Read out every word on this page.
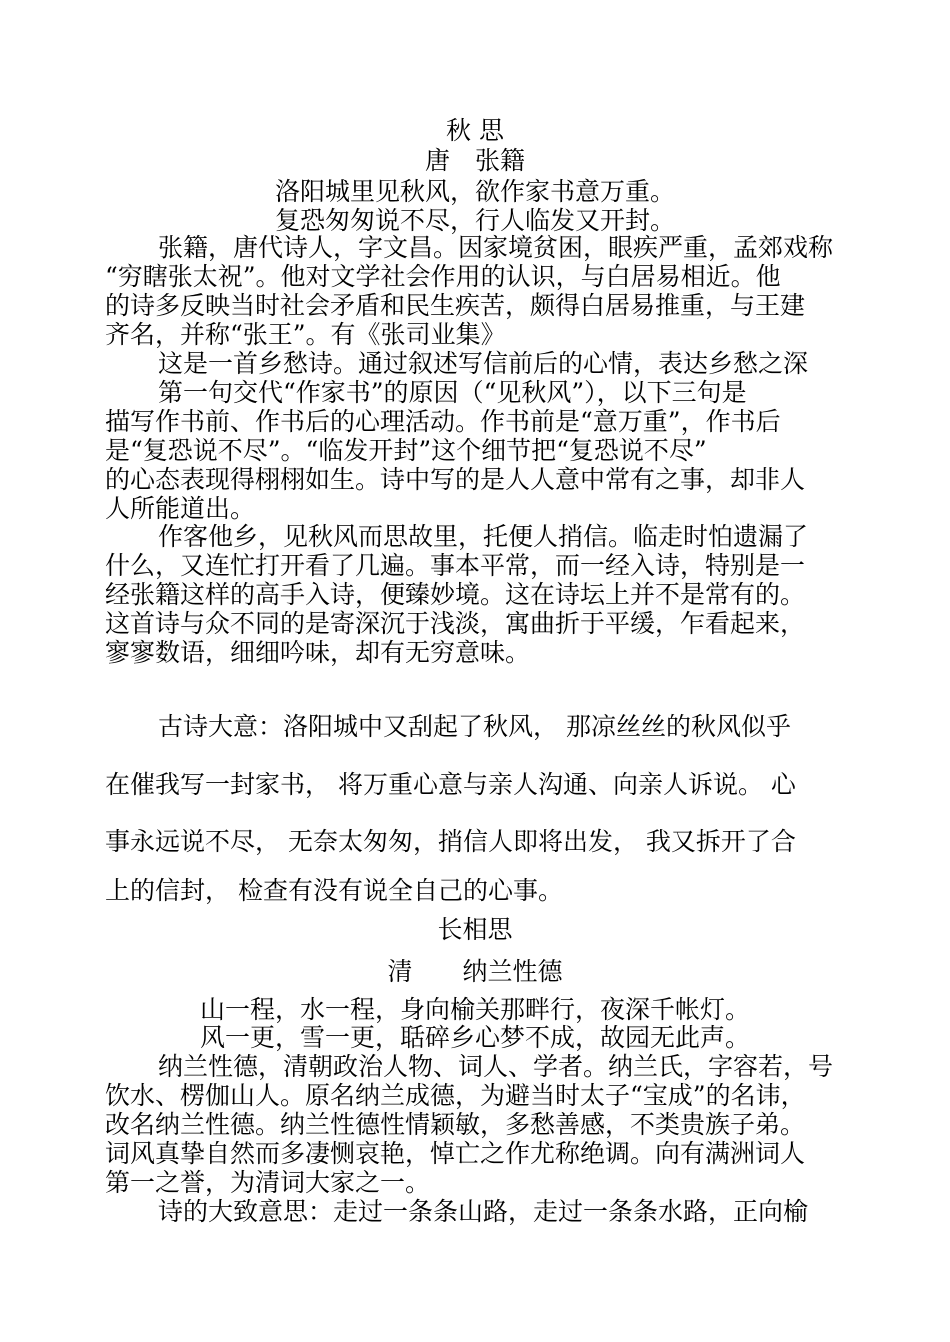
秋 思
唐　张籍
洛阳城里见秋风，欲作家书意万重。
复恐匆匆说不尽，行人临发又开封。
张籍，唐代诗人，字文昌。因家境贫困，眼疾严重，孟郊戏称
“穷瞎张太祝”。他对文学社会作用的认识，与白居易相近。他
的诗多反映当时社会矛盾和民生疾苦，颇得白居易推重，与王建
齐名，并称“张王”。有《张司业集》
这是一首乡愁诗。通过叙述写信前后的心情，表达乡愁之深
第一句交代“作家书”的原因（“见秋风”），以下三句是
描写作书前、作书后的心理活动。作书前是“意万重”，作书后
是“复恐说不尽”。“临发开封”这个细节把“复恐说不尽”
的心态表现得栩栩如生。诗中写的是人人意中常有之事，却非人
人所能道出。
作客他乡，见秋风而思故里，托便人捎信。临走时怕遗漏了
什么，又连忙打开看了几遍。事本平常，而一经入诗，特别是一
经张籍这样的高手入诗，便臻妙境。这在诗坛上并不是常有的。
这首诗与众不同的是寄深沉于浅淡，寓曲折于平缓，乍看起来，
寥寥数语，细细吟味，却有无穷意味。
古诗大意：洛阳城中又刮起了秋风， 那凉丝丝的秋风似乎
在催我写一封家书， 将万重心意与亲人沟通、向亲人诉说。 心
事永远说不尽， 无奈太匆匆，捎信人即将出发， 我又拆开了合
上的信封， 检查有没有说全自己的心事。
长相思
清　　纳兰性德
山一程，水一程，身向榆关那畔行，夜深千帐灯。
风一更，雪一更，聒碎乡心梦不成，故园无此声。
纳兰性德，清朝政治人物、词人、学者。纳兰氏，字容若，号
饮水、楞伽山人。原名纳兰成德，为避当时太子“宝成”的名讳，
改名纳兰性德。纳兰性德性情颖敏，多愁善感，不类贵族子弟。
词风真挚自然而多凄恻哀艳，悼亡之作尤称绝调。向有满洲词人
第一之誉，为清词大家之一。
诗的大致意思：走过一条条山路，走过一条条水路，正向榆
